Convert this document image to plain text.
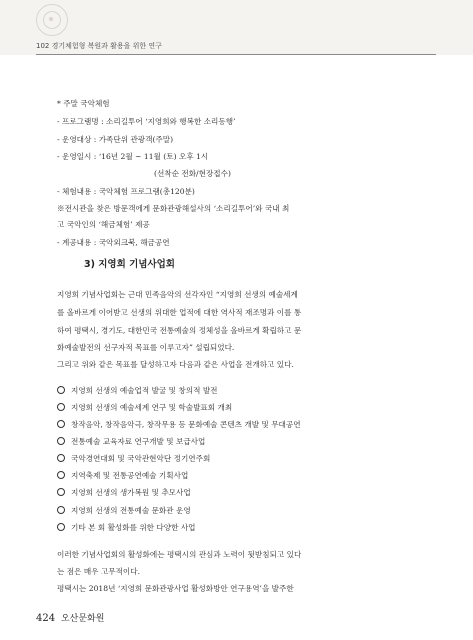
102 경기체험형 복원과 활용을 위한 연구
* 주말 국악체험
- 프로그램명 : 소리길투어 ‘지영희와 행복한 소리동행’
- 운영대상 : 가족단위 관광객(주말)
- 운영일시 : ‘16년 2월 ~ 11월 (토) 오후 1시
(선착순 전화/현장접수)
- 체험내용 : 국악체험 프로그램(총120분)
※전시관을 찾은 방문객에게 문화관광해설사의 ‘소리길투어’와 국내 최
고 국악인의 ‘해금체험’ 제공
- 계공내용 : 국악외크북, 해금공연
3) 지영희 기념사업회
지영희 기념사업회는 근대 민족음악의 선각자인 “지영희 선생의 예술세계
를 올바르게 이어받고 선생의 위대한 업적에 대한 역사적 재조명과 이를 통
하여 평택시, 경기도, 대한민국 전통예술의 정체성을 올바르게 확립하고 문
화예술발전의 선구자적 목표를 이루고자” 설립되었다.
그리고 위와 같은 목표를 달성하고자 다음과 같은 사업을 전개하고 있다.
지영희 선생의 예술업적 발굴 및 창의적 발전
지영희 선생의 예술세계 연구 및 학술발표회 개최
창작음악, 창작음악극, 창작무용 등 문화예술 콘텐츠 개발 및 무대공연
전통예술 교육자료 연구개발 및 보급사업
국악경연대회 및 국악관현악단 정기연주회
지역축제 및 전통공연예술 기획사업
지영희 선생의 생가복원 및 추모사업
지영희 선생의 전통예술 문화관 운영
기타 본 회 활성화를 위한 다양한 사업
이러한 기념사업회의 활성화에는 평택시의 관심과 노력이 뒷받침되고 있다
는 점은 매우 고무적이다.
평택시는 2018년 ‘지영희 문화관광사업 활성화방안 연구용역’을 발주한
424 오산문화원
